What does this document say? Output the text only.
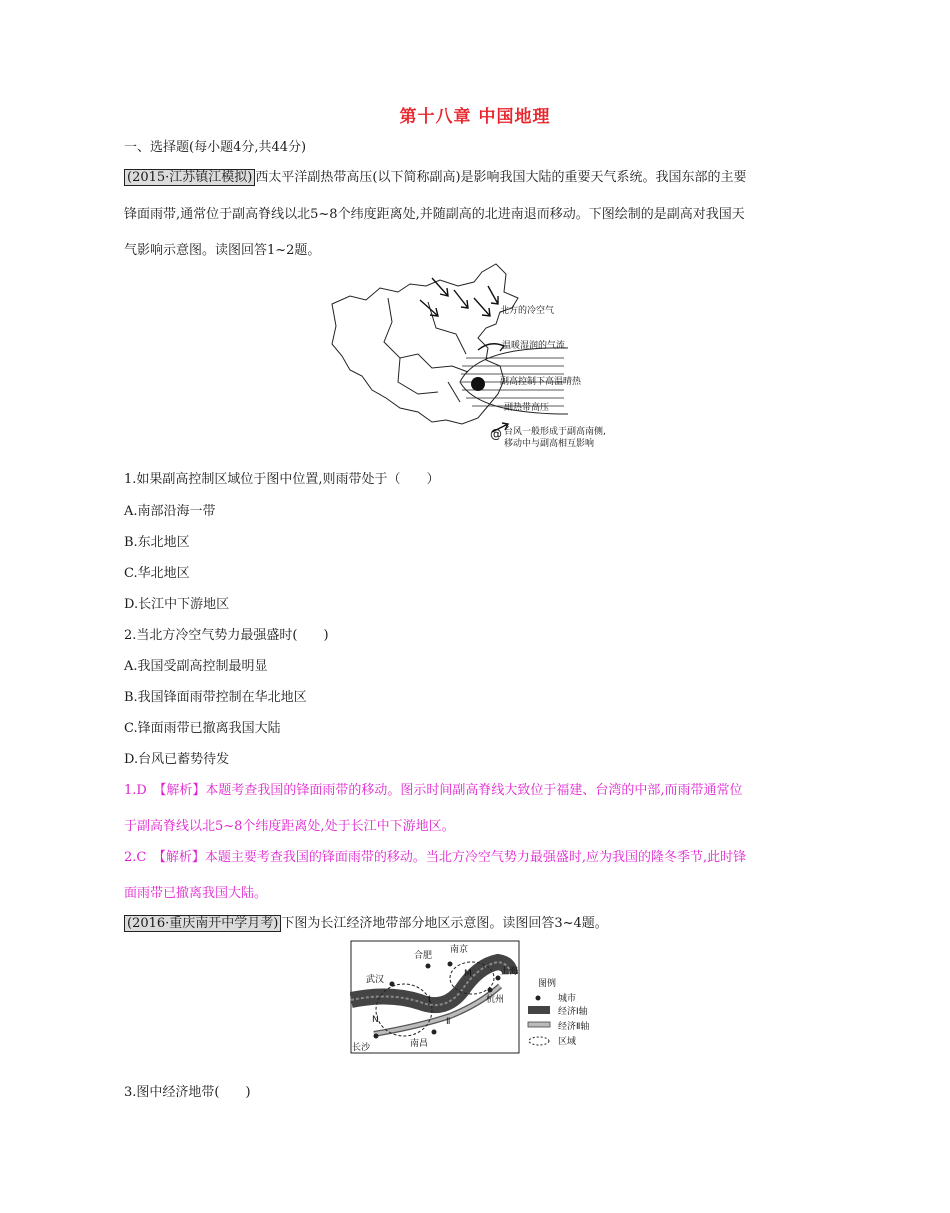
第十八章 中国地理
一、选择题(每小题4分,共44分)
(2015·江苏镇江模拟) 西太平洋副热带高压(以下简称副高)是影响我国大陆的重要天气系统。我国东部的主要
锋面雨带,通常位于副高脊线以北5~8个纬度距离处,并随副高的北进南退而移动。下图绘制的是副高对我国天
气影响示意图。读图回答1~2题。
北方的冷空气
温暖湿润的气流
副高控制下高温晴热
副热带高压
台风一般形成于副高南侧,
移动中与副高相互影响
@
1.如果副高控制区域位于图中位置,则雨带处于（　　）
A.南部沿海一带
B.东北地区
C.华北地区
D.长江中下游地区
2.当北方冷空气势力最强盛时(　　)
A.我国受副高控制最明显
B.我国锋面雨带控制在华北地区
C.锋面雨带已撤离我国大陆
D.台风已蓄势待发
1.D　【解析】本题考查我国的锋面雨带的移动。图示时间副高脊线大致位于福建、台湾的中部,而雨带通常位
于副高脊线以北5~8个纬度距离处,处于长江中下游地区。
2.C　【解析】本题主要考查我国的锋面雨带的移动。当北方冷空气势力最强盛时,应为我国的隆冬季节,此时锋
面雨带已撤离我国大陆。
(2016·重庆南开中学月考) 下图为长江经济地带部分地区示意图。读图回答3~4题。
南京
合肥
武汉
上海
杭州
长沙	南昌
M
N
Ⅰ
Ⅱ
图例
城市
经济Ⅰ轴
经济Ⅱ轴
区域
3.图中经济地带(　　)
